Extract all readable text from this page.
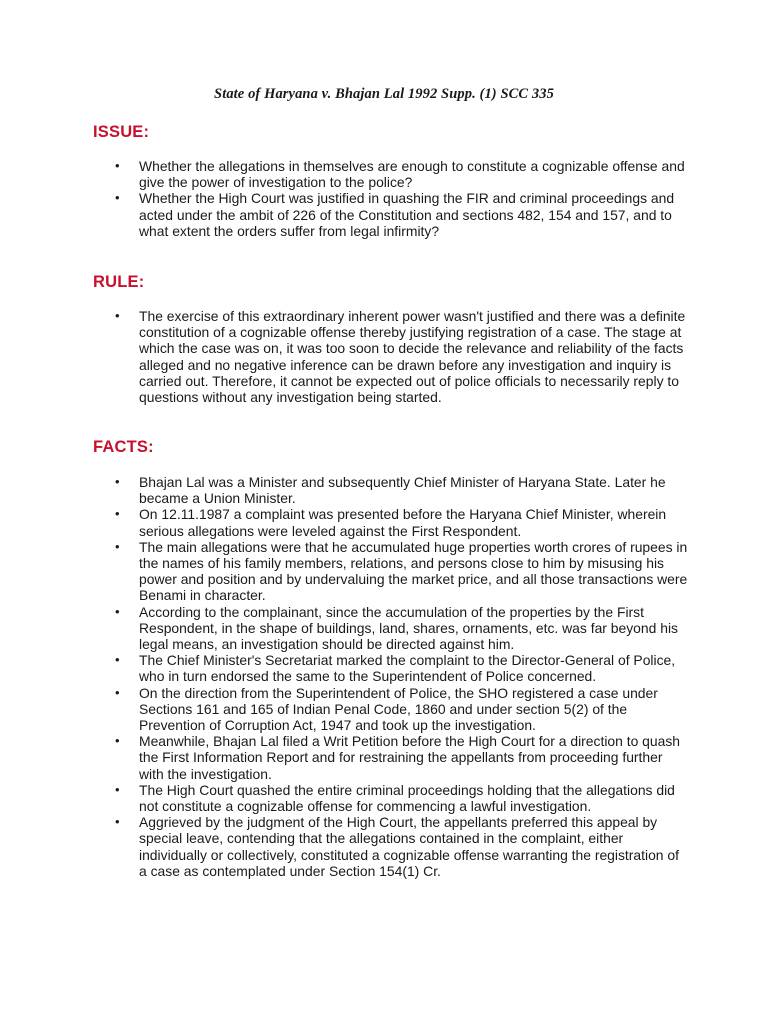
State of Haryana v. Bhajan Lal 1992 Supp. (1) SCC 335
ISSUE:
• Whether the allegations in themselves are enough to constitute a cognizable offense and give the power of investigation to the police?
• Whether the High Court was justified in quashing the FIR and criminal proceedings and acted under the ambit of 226 of the Constitution and sections 482, 154 and 157, and to what extent the orders suffer from legal infirmity?
RULE:
• The exercise of this extraordinary inherent power wasn't justified and there was a definite constitution of a cognizable offense thereby justifying registration of a case. The stage at which the case was on, it was too soon to decide the relevance and reliability of the facts alleged and no negative inference can be drawn before any investigation and inquiry is carried out. Therefore, it cannot be expected out of police officials to necessarily reply to questions without any investigation being started.
FACTS:
• Bhajan Lal was a Minister and subsequently Chief Minister of Haryana State. Later he became a Union Minister.
• On 12.11.1987 a complaint was presented before the Haryana Chief Minister, wherein serious allegations were leveled against the First Respondent.
• The main allegations were that he accumulated huge properties worth crores of rupees in the names of his family members, relations, and persons close to him by misusing his power and position and by undervaluing the market price, and all those transactions were Benami in character.
• According to the complainant, since the accumulation of the properties by the First Respondent, in the shape of buildings, land, shares, ornaments, etc. was far beyond his legal means, an investigation should be directed against him.
• The Chief Minister's Secretariat marked the complaint to the Director-General of Police, who in turn endorsed the same to the Superintendent of Police concerned.
• On the direction from the Superintendent of Police, the SHO registered a case under Sections 161 and 165 of Indian Penal Code, 1860 and under section 5(2) of the Prevention of Corruption Act, 1947 and took up the investigation.
• Meanwhile, Bhajan Lal filed a Writ Petition before the High Court for a direction to quash the First Information Report and for restraining the appellants from proceeding further with the investigation.
• The High Court quashed the entire criminal proceedings holding that the allegations did not constitute a cognizable offense for commencing a lawful investigation.
• Aggrieved by the judgment of the High Court, the appellants preferred this appeal by special leave, contending that the allegations contained in the complaint, either individually or collectively, constituted a cognizable offense warranting the registration of a case as contemplated under Section 154(1) Cr.
